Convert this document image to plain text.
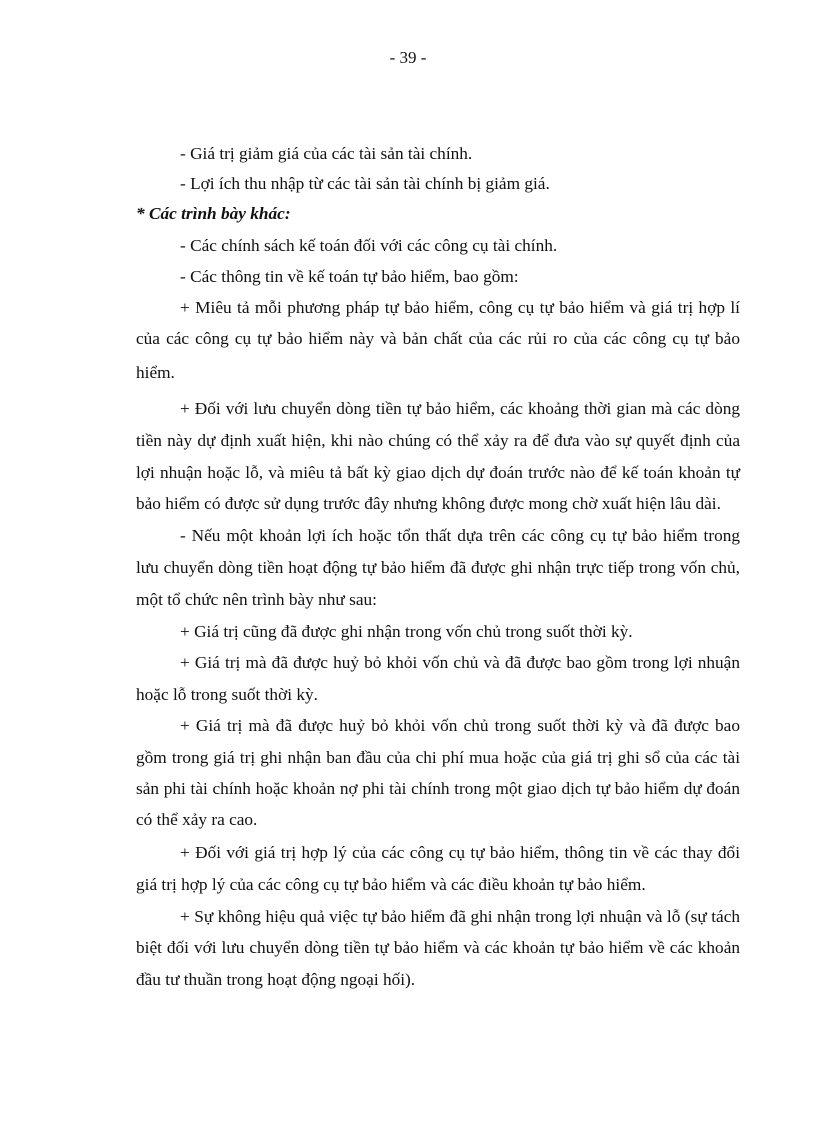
- 39 -
- Giá trị giảm giá của các tài sản tài chính.
- Lợi ích thu nhập từ các tài sản tài chính bị giảm giá.
* Các trình bày khác:
- Các chính sách kế toán đối với các công cụ tài chính.
- Các thông tin về kế toán tự bảo hiểm, bao gồm:
+ Miêu tả mỗi phương pháp tự bảo hiểm, công cụ tự bảo hiểm và giá trị hợp lí
của các công cụ tự bảo hiểm này và bản chất của các rủi ro của các công cụ tự bảo
hiểm.
+ Đối với lưu chuyển dòng tiền tự bảo hiểm, các khoảng thời gian mà các dòng
tiền này dự định xuất hiện, khi nào chúng có thể xảy ra để đưa vào sự quyết định của
lợi nhuận hoặc lỗ, và miêu tả bất kỳ giao dịch dự đoán trước nào để kế toán khoản tự
bảo hiểm có được sử dụng trước đây nhưng không được mong chờ xuất hiện lâu dài.
- Nếu một khoản lợi ích hoặc tổn thất dựa trên các công cụ tự bảo hiểm trong
lưu chuyển dòng tiền hoạt động tự bảo hiểm đã được ghi nhận trực tiếp trong vốn chủ,
một tổ chức nên trình bày như sau:
+ Giá trị cũng đã được ghi nhận trong vốn chủ trong suốt thời kỳ.
+ Giá trị mà đã được huỷ bỏ khỏi vốn chủ và đã được bao gồm trong lợi nhuận
hoặc lỗ trong suốt thời kỳ.
+ Giá trị mà đã được huỷ bỏ khỏi vốn chủ trong suốt thời kỳ và đã được bao
gồm trong giá trị ghi nhận ban đầu của chi phí mua hoặc của giá trị ghi sổ của các tài
sản phi tài chính hoặc khoản nợ phi tài chính trong một giao dịch tự bảo hiểm dự đoán
có thể xảy ra cao.
+ Đối với giá trị hợp lý của các công cụ tự bảo hiểm, thông tin về các thay đổi
giá trị hợp lý của các công cụ tự bảo hiểm và các điều khoản tự bảo hiểm.
+ Sự không hiệu quả việc tự bảo hiểm đã ghi nhận trong lợi nhuận và lỗ (sự tách
biệt đối với lưu chuyển dòng tiền tự bảo hiểm và các khoản tự bảo hiểm về các khoản
đầu tư thuần trong hoạt động ngoại hối).
